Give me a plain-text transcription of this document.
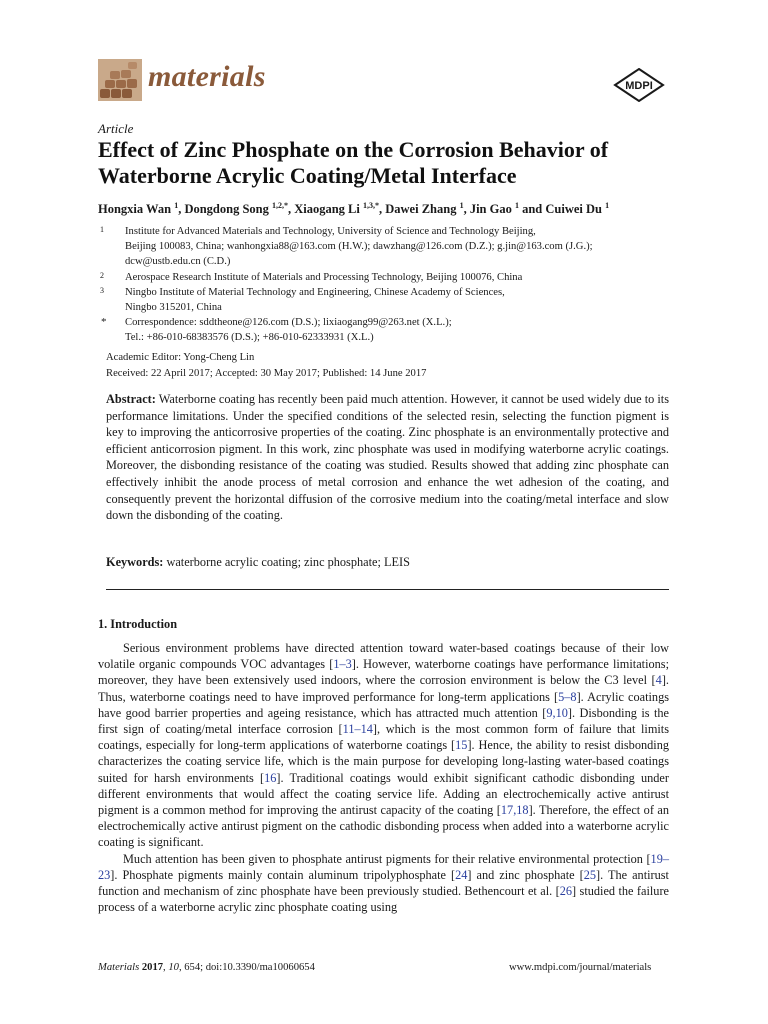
materials	MDPI
Article
Effect of Zinc Phosphate on the Corrosion Behavior of Waterborne Acrylic Coating/Metal Interface
Hongxia Wan $^1$, Dongdong Song $^{1,2,*}$, Xiaogang Li $^{1,3,*}$, Dawei Zhang $^1$, Jin Gao $^1$ and Cuiwei Du $^1$
1 Institute for Advanced Materials and Technology, University of Science and Technology Beijing,
Beijing 100083, China; wanhongxia88@163.com (H.W.); dawzhang@126.com (D.Z.); g.jin@163.com (J.G.);
dcw@ustb.edu.cn (C.D.)
2 Aerospace Research Institute of Materials and Processing Technology, Beijing 100076, China
3 Ningbo Institute of Material Technology and Engineering, Chinese Academy of Sciences,
Ningbo 315201, China
* Correspondence: sddtheone@126.com (D.S.); lixiaogang99@263.net (X.L.);
Tel.: +86-010-68383576 (D.S.); +86-010-62333931 (X.L.)
Academic Editor: Yong-Cheng Lin
Received: 22 April 2017; Accepted: 30 May 2017; Published: 14 June 2017
Abstract: Waterborne coating has recently been paid much attention. However, it cannot be used widely due to its performance limitations. Under the specified conditions of the selected resin, selecting the function pigment is key to improving the anticorrosive properties of the coating. Zinc phosphate is an environmentally protective and efficient anticorrosion pigment. In this work, zinc phosphate was used in modifying waterborne acrylic coatings. Moreover, the disbonding resistance of the coating was studied. Results showed that adding zinc phosphate can effectively inhibit the anode process of metal corrosion and enhance the wet adhesion of the coating, and consequently prevent the horizontal diffusion of the corrosive medium into the coating/metal interface and slow down the disbonding of the coating.
Keywords: waterborne acrylic coating; zinc phosphate; LEIS
1. Introduction

Serious environment problems have directed attention toward water-based coatings because of their low volatile organic compounds VOC advantages [1–3]. However, waterborne coatings have performance limitations; moreover, they have been extensively used indoors, where the corrosion environment is below the C3 level [4]. Thus, waterborne coatings need to have improved performance for long-term applications [5–8]. Acrylic coatings have good barrier properties and ageing resistance, which has attracted much attention [9,10]. Disbonding is the first sign of coating/metal interface corrosion [11–14], which is the most common form of failure that limits coatings, especially for long-term applications of waterborne coatings [15]. Hence, the ability to resist disbonding characterizes the coating service life, which is the main purpose for developing long-lasting water-based coatings suited for harsh environments [16]. Traditional coatings would exhibit significant cathodic disbonding under different environments that would affect the coating service life. Adding an electrochemically active antirust pigment is a common method for improving the antirust capacity of the coating [17,18]. Therefore, the effect of an electrochemically active antirust pigment on the cathodic disbonding process when added into a waterborne acrylic coating is significant.

Much attention has been given to phosphate antirust pigments for their relative environmental protection [19–23]. Phosphate pigments mainly contain aluminum tripolyphosphate [24] and zinc phosphate [25]. The antirust function and mechanism of zinc phosphate have been previously studied. Bethencourt et al. [26] studied the failure process of a waterborne acrylic zinc phosphate coating using

Materials 2017, 10, 654; doi:10.3390/ma10060654	www.mdpi.com/journal/materials
